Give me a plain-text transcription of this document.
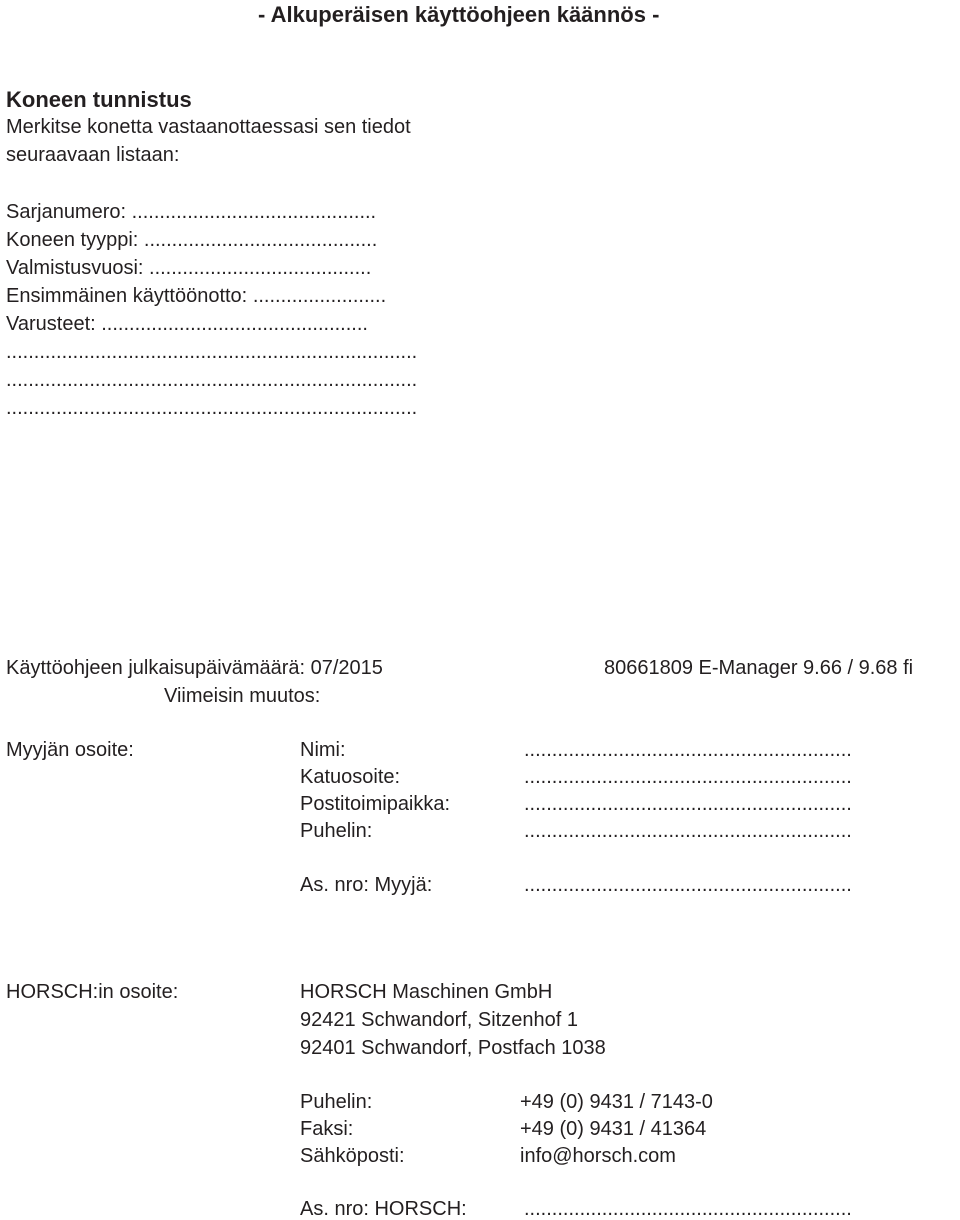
- Alkuperäisen käyttöohjeen käännös -
Koneen tunnistus
Merkitse konetta vastaanottaessasi sen tiedot
seuraavaan listaan:
Sarjanumero: ............................................
Koneen tyyppi: ..........................................
Valmistusvuosi: ........................................
Ensimmäinen käyttöönotto: ........................
Varusteet: ................................................
..........................................................................
..........................................................................
..........................................................................
Käyttöohjeen julkaisupäivämäärä: 07/2015
Viimeisin muutos:
80661809 E-Manager 9.66 / 9.68 fi
Myyjän osoite:	Nimi:	...........................................................
Katuosoite:	...........................................................
Postitoimipaikka:	...........................................................
Puhelin:	...........................................................
As. nro: Myyjä:	...........................................................
HORSCH:in osoite:	HORSCH Maschinen GmbH
92421 Schwandorf, Sitzenhof 1
92401 Schwandorf, Postfach 1038
Puhelin:	+49 (0) 9431 / 7143-0
Faksi:	+49 (0) 9431 / 41364
Sähköposti:	info@horsch.com
As. nro: HORSCH:	...........................................................
